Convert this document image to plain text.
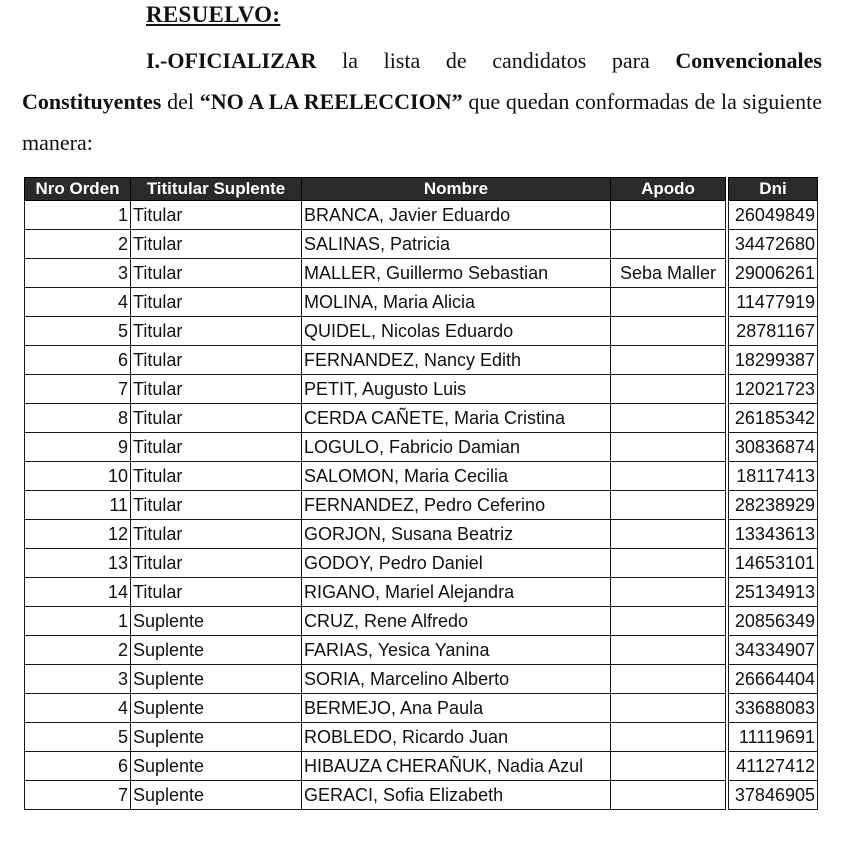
RESUELVO:
I.-OFICIALIZAR la lista de candidatos para Convencionales Constituyentes del “NO A LA REELECCION” que quedan conformadas de la siguiente manera:
Nro Orden	Tititular Suplente	Nombre	Apodo		Dni
1	Titular	BRANCA, Javier Eduardo			26049849
2	Titular	SALINAS, Patricia			34472680
3	Titular	MALLER, Guillermo Sebastian	Seba Maller		29006261
4	Titular	MOLINA, Maria Alicia			11477919
5	Titular	QUIDEL, Nicolas Eduardo			28781167
6	Titular	FERNANDEZ, Nancy Edith			18299387
7	Titular	PETIT, Augusto Luis			12021723
8	Titular	CERDA CAÑETE, Maria Cristina			26185342
9	Titular	LOGULO, Fabricio Damian			30836874
10	Titular	SALOMON, Maria Cecilia			18117413
11	Titular	FERNANDEZ, Pedro Ceferino			28238929
12	Titular	GORJON, Susana Beatriz			13343613
13	Titular	GODOY, Pedro Daniel			14653101
14	Titular	RIGANO, Mariel Alejandra			25134913
1	Suplente	CRUZ, Rene Alfredo			20856349
2	Suplente	FARIAS, Yesica Yanina			34334907
3	Suplente	SORIA, Marcelino Alberto			26664404
4	Suplente	BERMEJO, Ana Paula			33688083
5	Suplente	ROBLEDO, Ricardo Juan			11119691
6	Suplente	HIBAUZA CHERAÑUK, Nadia Azul			41127412
7	Suplente	GERACI, Sofia Elizabeth			37846905
